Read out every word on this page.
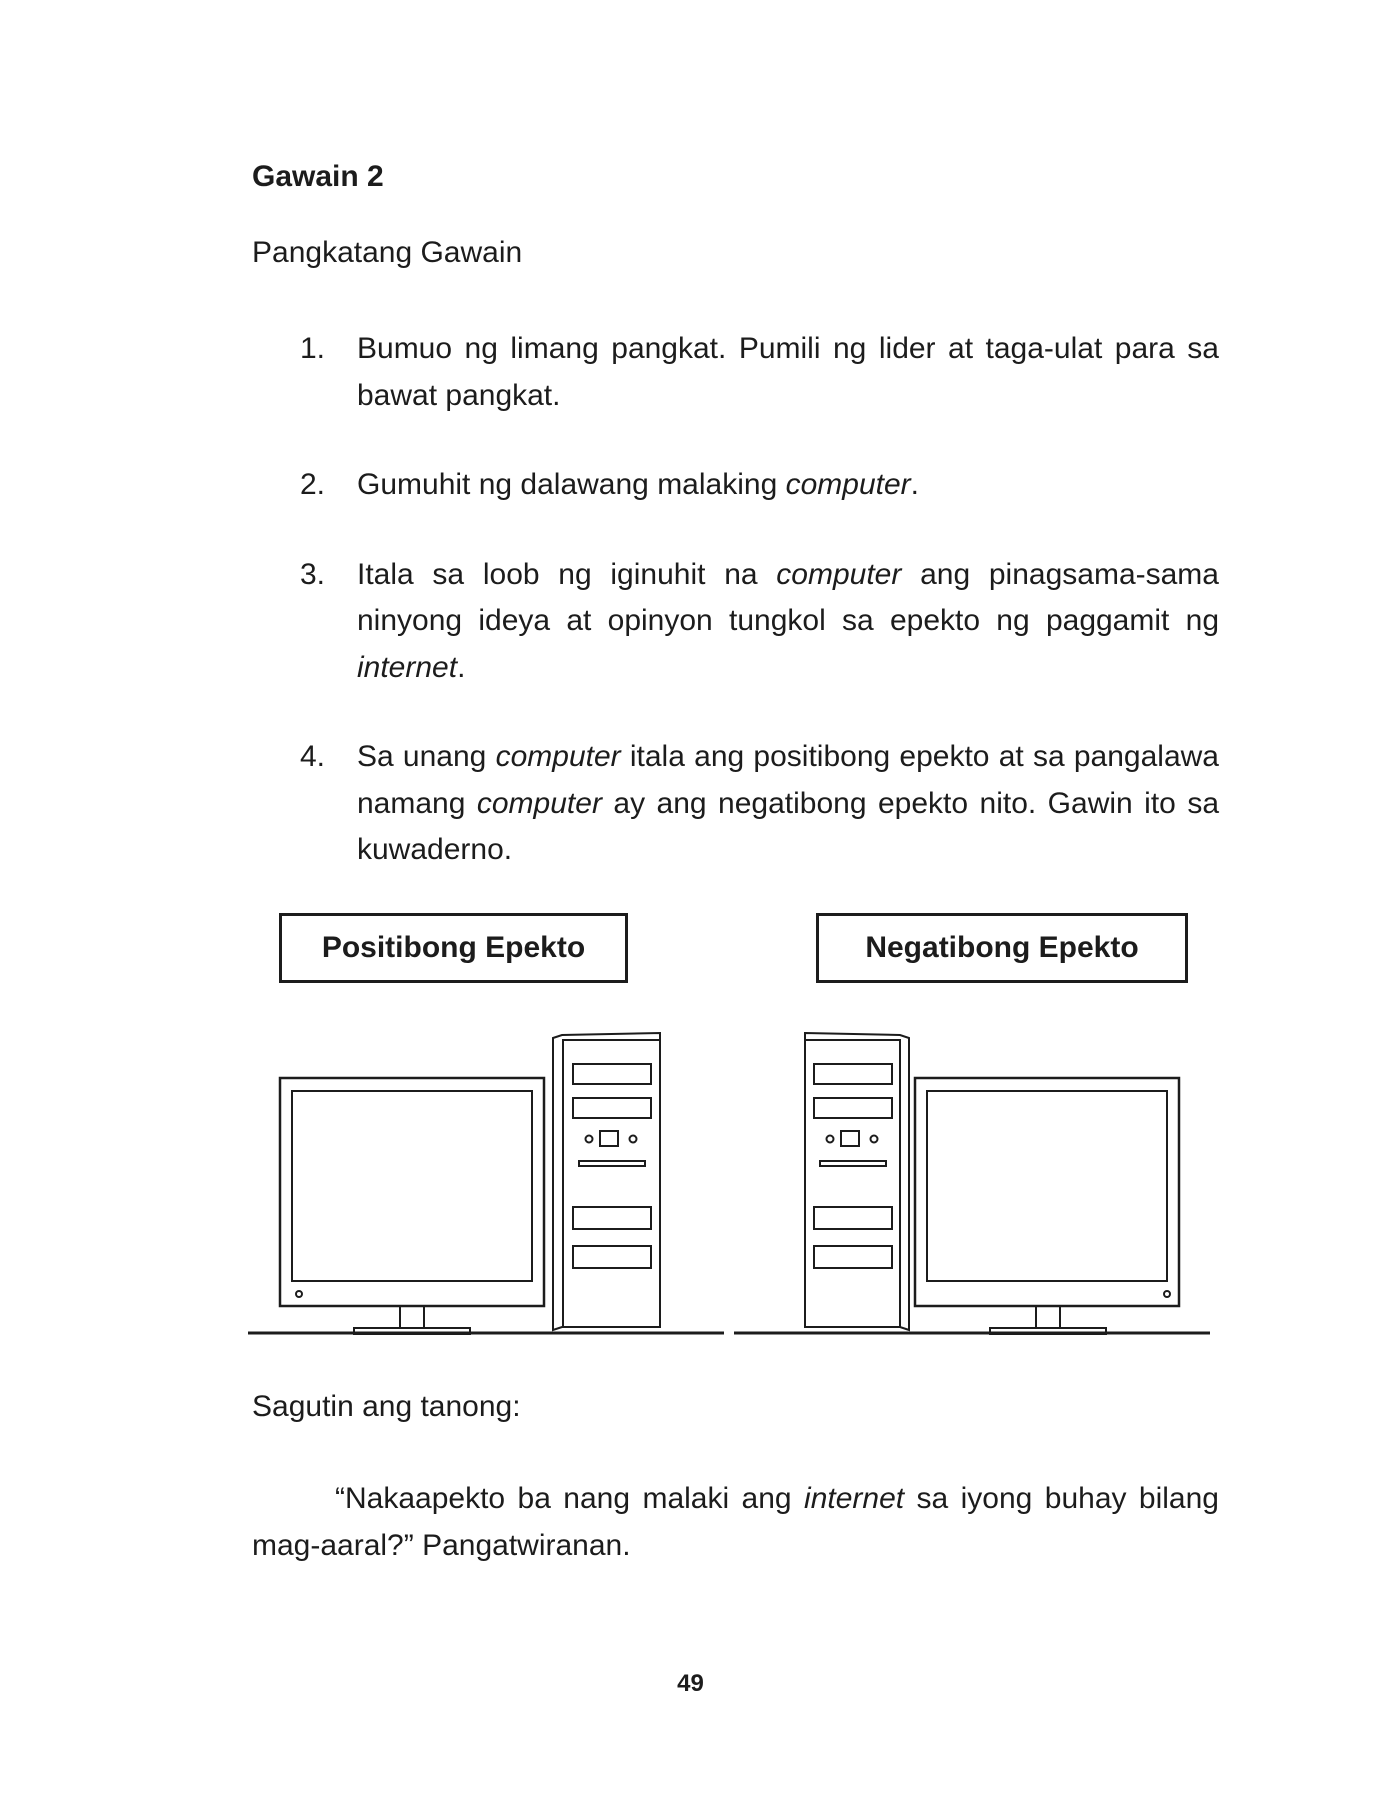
Gawain 2
Pangkatang Gawain
1. Bumuo ng limang pangkat. Pumili ng lider at taga-ulat para sa bawat pangkat.
2. Gumuhit ng dalawang malaking computer.
3. Itala sa loob ng iginuhit na computer ang pinagsama-sama ninyong ideya at opinyon tungkol sa epekto ng paggamit ng internet.
4. Sa unang computer itala ang positibong epekto at sa pangalawa namang computer ay ang negatibong epekto nito. Gawin ito sa kuwaderno.
Positibong Epekto	Negatibong Epekto
Sagutin ang tanong:
“Nakaapekto ba nang malaki ang internet sa iyong buhay bilang mag-aaral?” Pangatwiranan.
49
